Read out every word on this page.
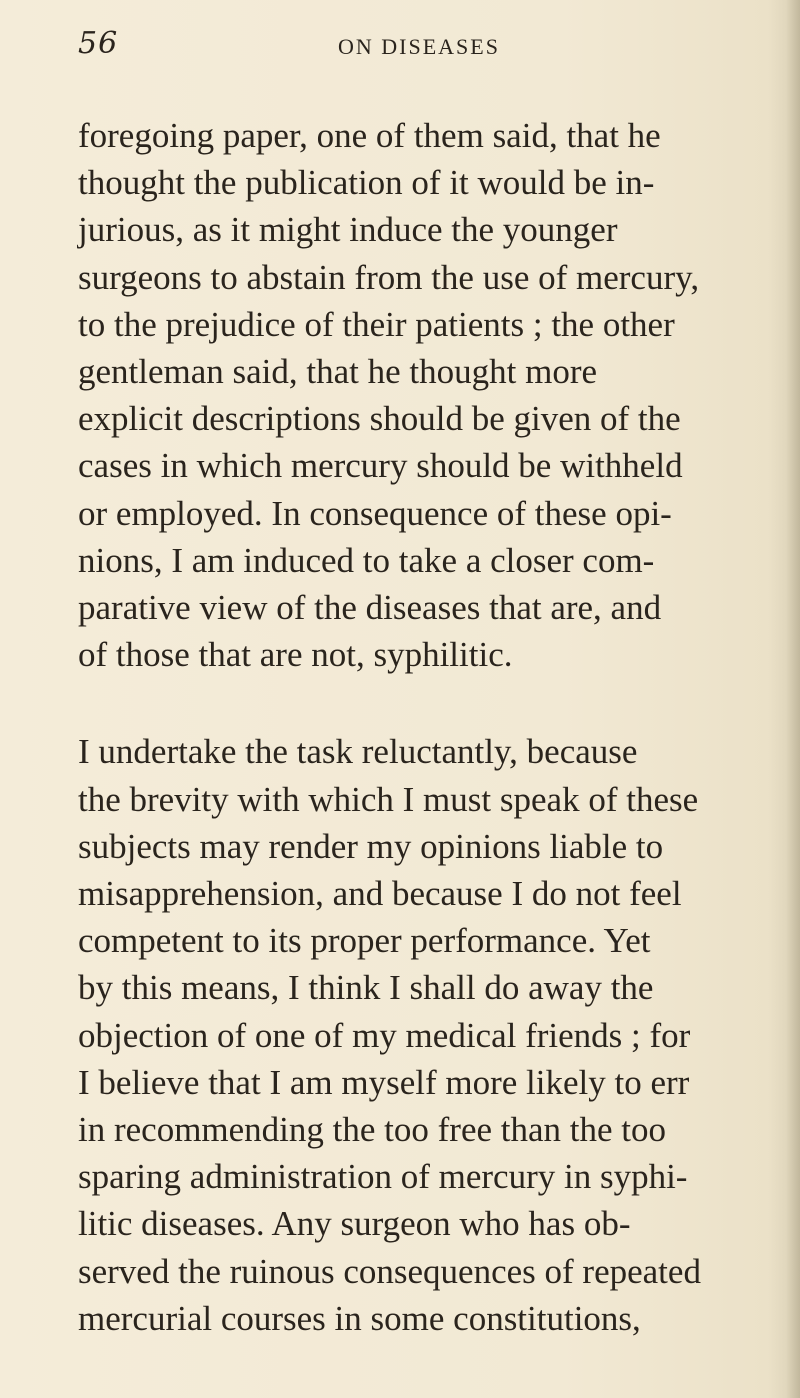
56	ON DISEASES

foregoing paper, one of them said, that he
thought the publication of it would be in-
jurious, as it might induce the younger
surgeons to abstain from the use of mercury,
to the prejudice of their patients ; the other
gentleman said, that he thought more
explicit descriptions should be given of the
cases in which mercury should be withheld
or employed. In consequence of these opi-
nions, I am induced to take a closer com-
parative view of the diseases that are, and
of those that are not, syphilitic.

I undertake the task reluctantly, because
the brevity with which I must speak of these
subjects may render my opinions liable to
misapprehension, and because I do not feel
competent to its proper performance. Yet
by this means, I think I shall do away the
objection of one of my medical friends ; for
I believe that I am myself more likely to err
in recommending the too free than the too
sparing administration of mercury in syphi-
litic diseases. Any surgeon who has ob-
served the ruinous consequences of repeated
mercurial courses in some constitutions,
